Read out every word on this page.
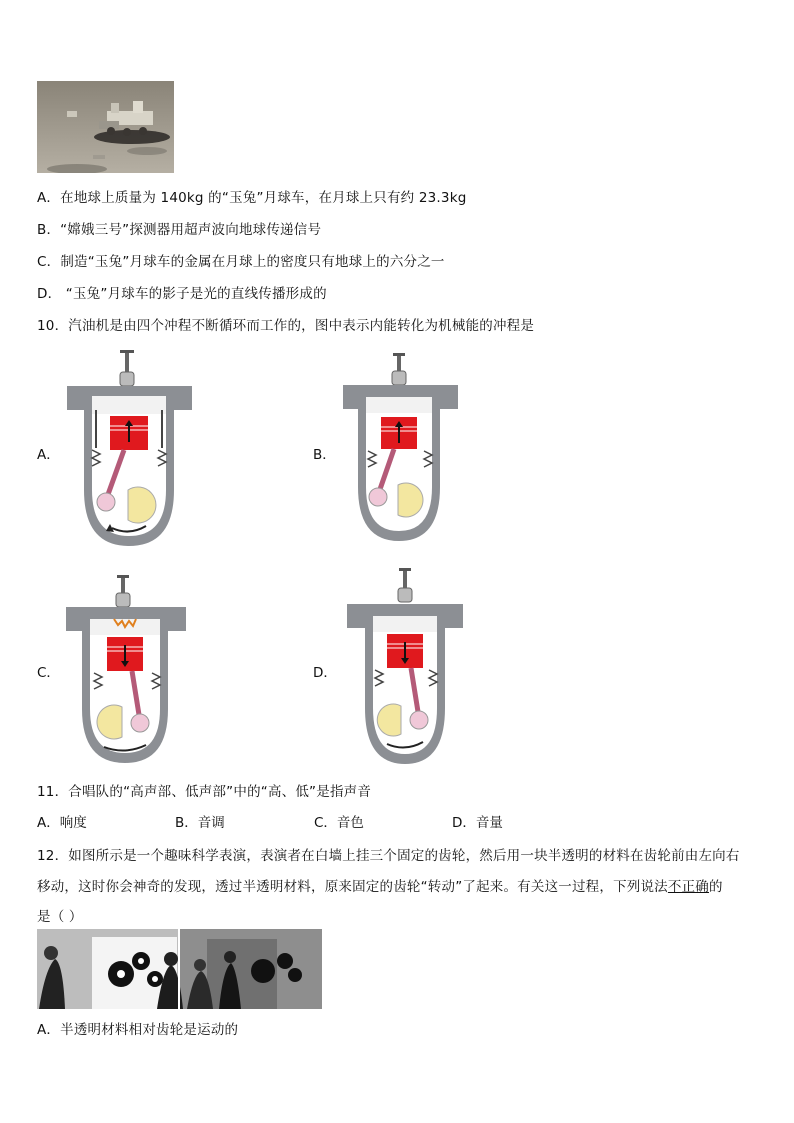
A．在地球上质量为 140kg 的“玉兔”月球车，在月球上只有约 23.3kg
B．“嫦娥三号”探测器用超声波向地球传递信号
C．制造“玉兔”月球车的金属在月球上的密度只有地球上的六分之一
D． “玉兔”月球车的影子是光的直线传播形成的
10．汽油机是由四个冲程不断循环而工作的，图中表示内能转化为机械能的冲程是
A．	B．
C．	D．
11．合唱队的“高声部、低声部”中的“高、低”是指声音
A．响度	B．音调	C．音色	D．音量
12．如图所示是一个趣味科学表演，表演者在白墙上挂三个固定的齿轮，然后用一块半透明的材料在齿轮前由左向右
移动，这时你会神奇的发现，透过半透明材料，原来固定的齿轮“转动”了起来。有关这一过程，下列说法不正确的
是（ ）
A．半透明材料相对齿轮是运动的
